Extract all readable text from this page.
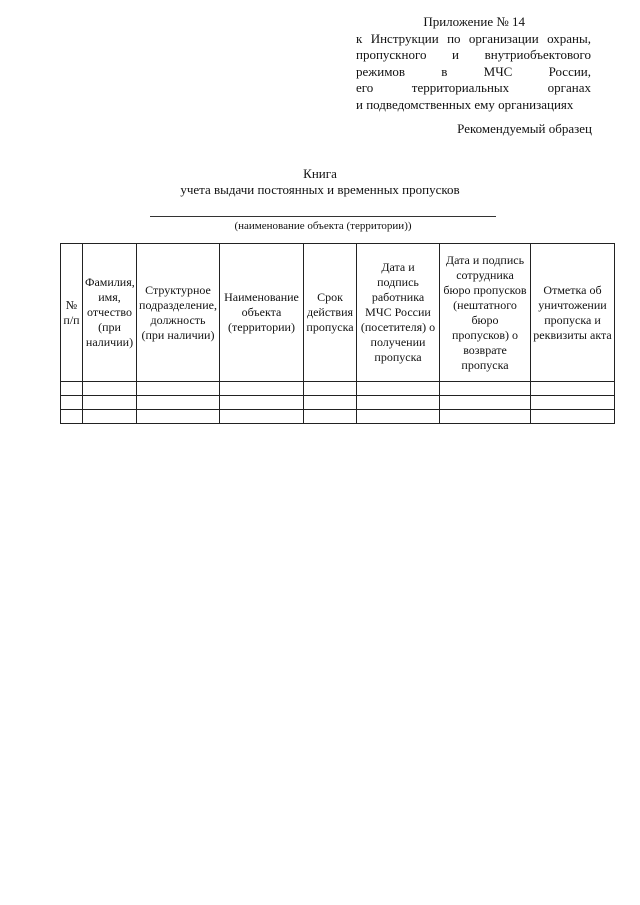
Приложение № 14
к Инструкции по организации охраны,
пропускного и внутриобъектового
режимов в МЧС России,
его территориальных органах
и подведомственных ему организациях
Рекомендуемый образец
Книга
учета выдачи постоянных и временных пропусков
(наименование объекта (территории))
№ п/п	Фамилия, имя, отчество (при наличии)	Структурное подразделение, должность (при наличии)	Наименование объекта (территории)	Срок действия пропуска	Дата и подпись работника МЧС России (посетителя) о получении пропуска	Дата и подпись сотрудника бюро пропусков (нештатного бюро пропусков) о возврате пропуска	Отметка об уничтожении пропуска и реквизиты акта
